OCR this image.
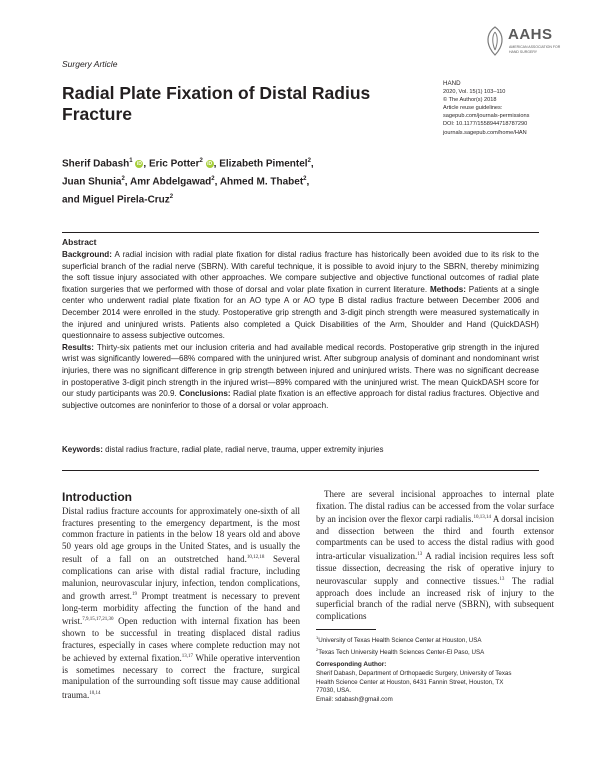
Surgery Article
AAHS
AMERICAN ASSOCIATION FOR HAND SURGERY
HAND
2020, Vol. 15(1) 103–110
© The Author(s) 2018
Article reuse guidelines:
sagepub.com/journals-permissions
DOI: 10.1177/1558944718787290
journals.sagepub.com/home/HAN
Radial Plate Fixation of Distal Radius Fracture
Sherif Dabash$^1$ iD , Eric Potter$^2$ iD , Elizabeth Pimentel$^2$,
Juan Shunia$^2$, Amr Abdelgawad$^2$, Ahmed M. Thabet$^2$,
and Miguel Pirela-Cruz$^2$
Abstract
Background: A radial incision with radial plate fixation for distal radius fracture has historically been avoided due to its risk to the superficial branch of the radial nerve (SBRN). With careful technique, it is possible to avoid injury to the SBRN, thereby minimizing the soft tissue injury associated with other approaches. We compare subjective and objective functional outcomes of radial plate fixation surgeries that we performed with those of dorsal and volar plate fixation in current literature. Methods: Patients at a single center who underwent radial plate fixation for an AO type A or AO type B distal radius fracture between December 2006 and December 2014 were enrolled in the study. Postoperative grip strength and 3-digit pinch strength were measured systematically in the injured and uninjured wrists. Patients also completed a Quick Disabilities of the Arm, Shoulder and Hand (QuickDASH) questionnaire to assess subjective outcomes.
Results: Thirty-six patients met our inclusion criteria and had available medical records. Postoperative grip strength in the injured wrist was significantly lowered—68% compared with the uninjured wrist. After subgroup analysis of dominant and nondominant wrist injuries, there was no significant difference in grip strength between injured and uninjured wrists. There was no significant decrease in postoperative 3-digit pinch strength in the injured wrist—89% compared with the uninjured wrist. The mean QuickDASH score for our study participants was 20.9. Conclusions: Radial plate fixation is an effective approach for distal radius fractures. Objective and subjective outcomes are noninferior to those of a dorsal or volar approach.
Keywords: distal radius fracture, radial plate, radial nerve, trauma, upper extremity injuries
Introduction

Distal radius fracture accounts for approximately one-sixth of all fractures presenting to the emergency department, is the most common fracture in patients in the below 18 years old and above 50 years old age groups in the United States, and is usually the result of a fall on an outstretched hand.$^{10,12,18}$ Several complications can arise with distal radial fracture, including malunion, neurovascular injury, infection, tendon complications, and growth arrest.$^{19}$ Prompt treatment is necessary to prevent long-term morbidity affecting the function of the hand and wrist.$^{7,9,15,17,21,30}$ Open reduction with internal fixation has been shown to be successful in treating displaced distal radius fractures, especially in cases where complete reduction may not be achieved by external fixation.$^{13,17}$ While operative intervention is sometimes necessary to correct the fracture, surgical manipulation of the surrounding soft tissue may cause additional trauma.$^{10,14}$

There are several incisional approaches to internal plate fixation. The distal radius can be accessed from the volar surface by an incision over the flexor carpi radialis.$^{10,13,14}$ A dorsal incision and dissection between the third and fourth extensor compartments can be used to access the distal radius with good intra-articular visualization.$^{13}$ A radial incision requires less soft tissue dissection, decreasing the risk of operative injury to neurovascular supply and connective tissues.$^{13}$ The radial approach does include an increased risk of injury to the superficial branch of the radial nerve (SBRN), with subsequent complications

$^1$University of Texas Health Science Center at Houston, USA
$^2$Texas Tech University Health Sciences Center-El Paso, USA
Corresponding Author:
Sherif Dabash, Department of Orthopaedic Surgery, University of Texas
Health Science Center at Houston, 6431 Fannin Street, Houston, TX
77030, USA.
Email: sdabash@gmail.com
